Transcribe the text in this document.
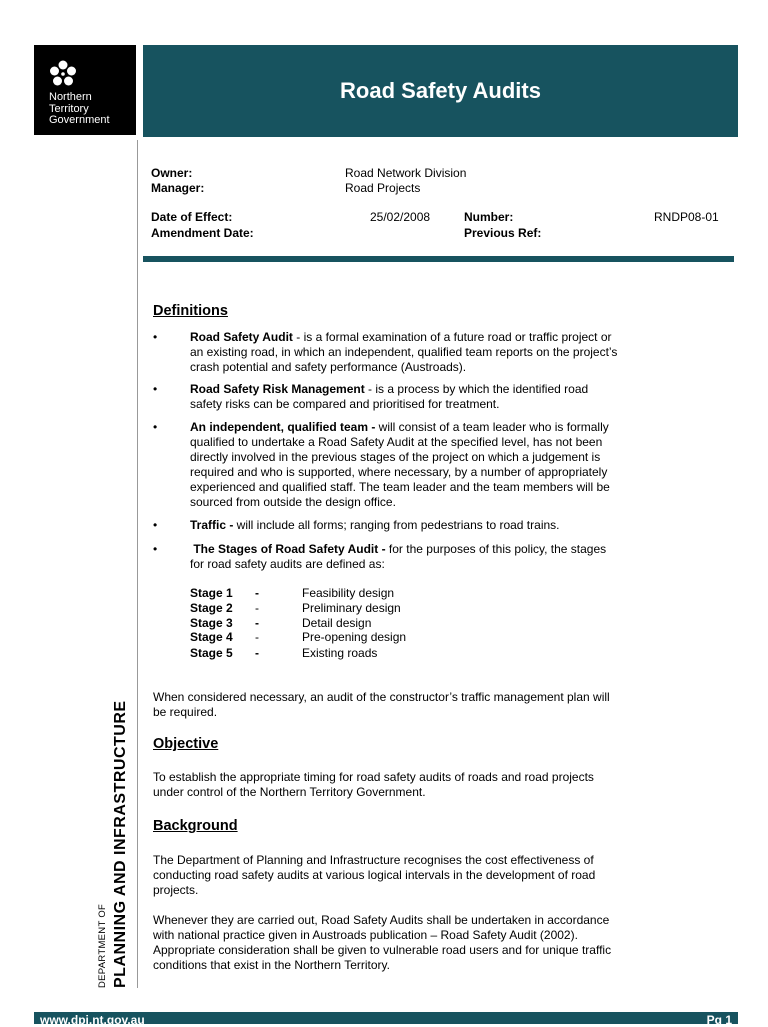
Northern
Territory
Government
Road Safety Audits
Owner:	Road Network Division
Manager:	Road Projects
Date of Effect:	25/02/2008	Number:	RNDP08-01
Amendment Date:	Previous Ref:
Definitions
•	Road Safety Audit - is a formal examination of a future road or traffic project or
an existing road, in which an independent, qualified team reports on the project’s
crash potential and safety performance (Austroads).
•	Road Safety Risk Management - is a process by which the identified road
safety risks can be compared and prioritised for treatment.
•	An independent, qualified team - will consist of a team leader who is formally
qualified to undertake a Road Safety Audit at the specified level, has not been
directly involved in the previous stages of the project on which a judgement is
required and who is supported, where necessary, by a number of appropriately
experienced and qualified staff. The team leader and the team members will be
sourced from outside the design office.
•	Traffic - will include all forms; ranging from pedestrians to road trains.
•	The Stages of Road Safety Audit - for the purposes of this policy, the stages
for road safety audits are defined as:
Stage 1 -	Feasibility design
Stage 2 -	Preliminary design
Stage 3 -	Detail design
Stage 4 -	Pre-opening design
Stage 5 -	Existing roads
When considered necessary, an audit of the constructor’s traffic management plan will
be required.
Objective
To establish the appropriate timing for road safety audits of roads and road projects
under control of the Northern Territory Government.
Background
The Department of Planning and Infrastructure recognises the cost effectiveness of
conducting road safety audits at various logical intervals in the development of road
projects.
Whenever they are carried out, Road Safety Audits shall be undertaken in accordance
with national practice given in Austroads publication – Road Safety Audit (2002).
Appropriate consideration shall be given to vulnerable road users and for unique traffic
conditions that exist in the Northern Territory.
DEPARTMENT OF PLANNING AND INFRASTRUCTURE
www.dpi.nt.gov.au	Pg 1
